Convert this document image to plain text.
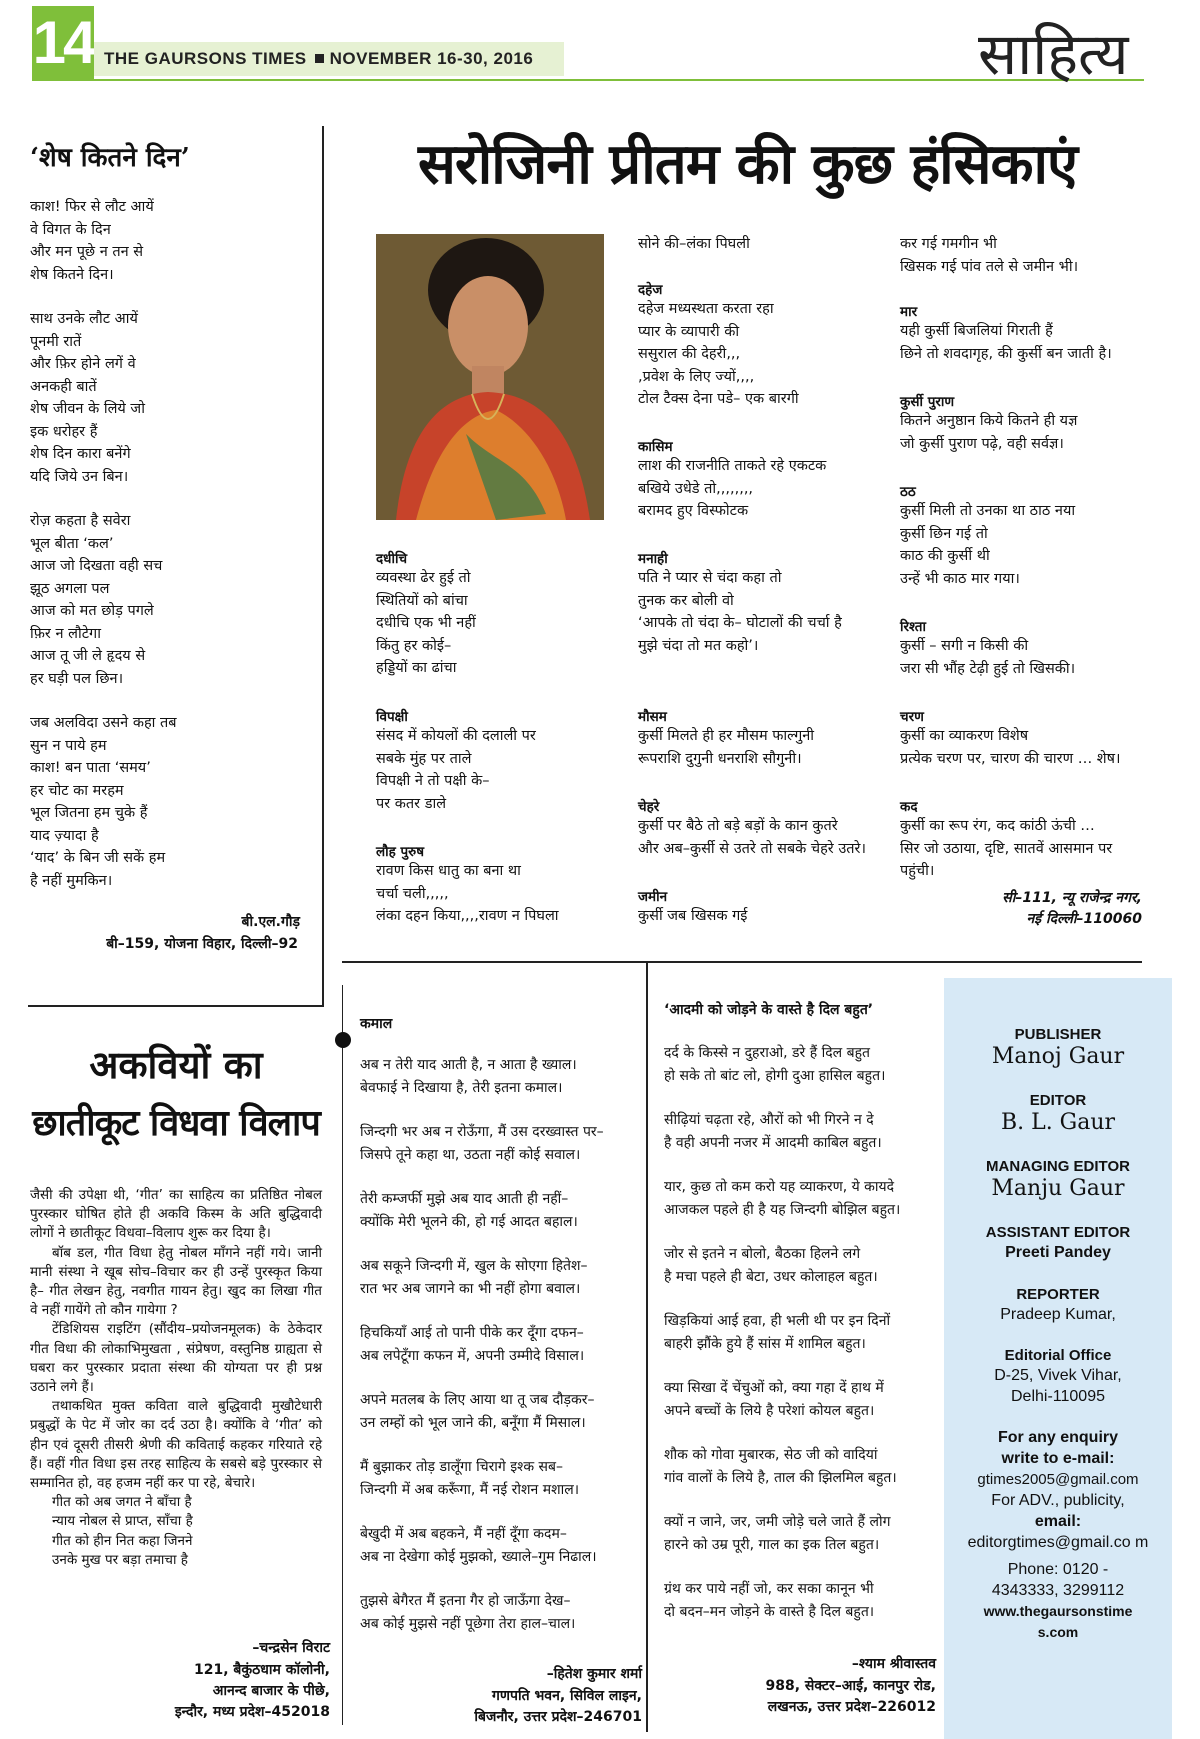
14 THE GAURSONS TIMES NOVEMBER 16-30, 2016	साहित्य
‘शेष कितने दिन’
काश! फिर से लौट आयें
वे विगत के दिन
और मन पूछे न तन से
शेष कितने दिन।
साथ उनके लौट आयें
पूनमी रातें
और फ़िर होने लगें वे
अनकही बातें
शेष जीवन के लिये जो
इक धरोहर हैं
शेष दिन कारा बनेंगे
यदि जिये उन बिन।
रोज़ कहता है सवेरा
भूल बीता ‘कल’
आज जो दिखता वही सच
झूठ अगला पल
आज को मत छोड़ पगले
फ़िर न लौटेगा
आज तू जी ले हृदय से
हर घड़ी पल छिन।
जब अलविदा उसने कहा तब
सुन न पाये हम
काश! बन पाता ‘समय’
हर चोट का मरहम
भूल जितना हम चुके हैं
याद ज़्यादा है
‘याद’ के बिन जी सकें हम
है नहीं मुमकिन।
बी.एल.गौड़
बी–159, योजना विहार, दिल्ली–92
सरोजिनी प्रीतम की कुछ हंसिकाएं
दधीचि
व्यवस्था ढेर हुई तो
स्थितियों को बांचा
दधीचि एक भी नहीं
किंतु हर कोई–
हड्डियों का ढांचा
विपक्षी
संसद में कोयलों की दलाली पर
सबके मुंह पर ताले
विपक्षी ने तो पक्षी के–
पर कतर डाले
लौह पुरुष
रावण किस धातु का बना था
चर्चा चली,,,,,
लंका दहन किया,,,,रावण न पिघला
सोने की–लंका पिघली
दहेज
दहेज मध्यस्थता करता रहा
प्यार के व्यापारी की
ससुराल की देहरी,,,
,प्रवेश के लिए ज्यों,,,,
टोल टैक्स देना पडे– एक बारगी
कासिम
लाश की राजनीति ताकते रहे एकटक
बखिये उधेडे तो,,,,,,,,
बरामद हुए विस्फोटक
मनाही
पति ने प्यार से चंदा कहा तो
तुनक कर बोली वो
‘आपके तो चंदा के– घोटालों की चर्चा है
मुझे चंदा तो मत कहो’।
मौसम
कुर्सी मिलते ही हर मौसम फाल्गुनी
रूपराशि दुगुनी धनराशि सौगुनी।
चेहरे
कुर्सी पर बैठे तो बड़े बड़ों के कान कुतरे
और अब–कुर्सी से उतरे तो सबके चेहरे उतरे।
जमीन
कुर्सी जब खिसक गई
कर गई गमगीन भी
खिसक गई पांव तले से जमीन भी।
मार
यही कुर्सी बिजलियां गिराती हैं
छिने तो शवदागृह, की कुर्सी बन जाती है।
कुर्सी पुराण
कितने अनुष्ठान किये कितने ही यज्ञ
जो कुर्सी पुराण पढ़े, वही सर्वज्ञ।
ठठ
कुर्सी मिली तो उनका था ठाठ नया
कुर्सी छिन गई तो
काठ की कुर्सी थी
उन्हें भी काठ मार गया।
रिश्ता
कुर्सी – सगी न किसी की
जरा सी भौंह टेढ़ी हुई तो खिसकी।
चरण
कुर्सी का व्याकरण विशेष
प्रत्येक चरण पर, चारण की चारण … शेष।
कद
कुर्सी का रूप रंग, कद कांठी ऊंची …
सिर जो उठाया, दृष्टि, सातवें आसमान पर
पहुंची।
सी–111, न्यू राजेन्द्र नगर,
नई दिल्ली–110060
अकवियों का
छातीकूट विधवा विलाप

जैसी की उपेक्षा थी, ‘गीत’ का साहित्य का प्रतिष्ठित नोबल पुरस्कार घोषित होते ही अकवि किस्म के अति बुद्धिवादी लोगों ने छातीकूट विधवा–विलाप शुरू कर दिया है।

बॉब डल, गीत विधा हेतु नोबल माँगने नहीं गये। जानी मानी संस्था ने खूब सोच–विचार कर ही उन्हें पुरस्कृत किया है– गीत लेखन हेतु, नवगीत गायन हेतु। खुद का लिखा गीत वे नहीं गायेंगे तो कौन गायेगा ?

टेंडिशियस राइटिंग (सौंदीय–प्रयोजनमूलक) के ठेकेदार गीत विधा की लोकाभिमुखता , संप्रेषण, वस्तुनिष्ठ ग्राह्यता से घबरा कर पुरस्कार प्रदाता संस्था की योग्यता पर ही प्रश्न उठाने लगे हैं।

तथाकथित मुक्त कविता वाले बुद्धिवादी मुखौटेधारी प्रबुद्धों के पेट में जोर का दर्द उठा है। क्योंकि वे ‘गीत’ को हीन एवं दूसरी तीसरी श्रेणी की कविताई कहकर गरियाते रहे हैं। वहीं गीत विधा इस तरह साहित्य के सबसे बड़े पुरस्कार से सम्मानित हो, वह हजम नहीं कर पा रहे, बेचारे।

गीत को अब जगत ने बाँचा है
न्याय नोबल से प्राप्त, साँचा है
गीत को हीन नित कहा जिनने
उनके मुख पर बड़ा तमाचा है

–चन्द्रसेन विराट
121, बैकुंठधाम कॉलोनी,
आनन्द बाजार के पीछे,
इन्दौर, मध्य प्रदेश–452018
कमाल
अब न तेरी याद आती है, न आता है ख्याल।
बेवफाई ने दिखाया है, तेरी इतना कमाल।
जिन्दगी भर अब न रोऊँगा, मैं उस दरख्वास्त पर–
जिसपे तूने कहा था, उठता नहीं कोई सवाल।
तेरी कम्जर्फी मुझे अब याद आती ही नहीं–
क्योंकि मेरी भूलने की, हो गई आदत बहाल।
अब सकूने जिन्दगी में, खुल के सोएगा हितेश–
रात भर अब जागने का भी नहीं होगा बवाल।
हिचकियाँ आई तो पानी पीके कर दूँगा दफन–
अब लपेटूँगा कफन में, अपनी उम्मीदे विसाल।
अपने मतलब के लिए आया था तू जब दौड़कर–
उन लम्हों को भूल जाने की, बनूँगा मैं मिसाल।
मैं बुझाकर तोड़ डालूँगा चिरागे इश्क सब–
जिन्दगी में अब करूँगा, मैं नई रोशन मशाल।
बेखुदी में अब बहकने, मैं नहीं दूँगा कदम–
अब ना देखेगा कोई मुझको, ख्याले–गुम निढाल।
तुझसे बेगैरत मैं इतना गैर हो जाऊँगा देख–
अब कोई मुझसे नहीं पूछेगा तेरा हाल–चाल।
–हितेश कुमार शर्मा
गणपति भवन, सिविल लाइन,
बिजनौर, उत्तर प्रदेश–246701
‘आदमी को जोड़ने के वास्ते है दिल बहुत’
दर्द के किस्से न दुहराओ, डरे हैं दिल बहुत
हो सके तो बांट लो, होगी दुआ हासिल बहुत।
सीढ़ियां चढ़ता रहे, औरों को भी गिरने न दे
है वही अपनी नजर में आदमी काबिल बहुत।
यार, कुछ तो कम करो यह व्याकरण, ये कायदे
आजकल पहले ही है यह जिन्दगी बोझिल बहुत।
जोर से इतने न बोलो, बैठका हिलने लगे
है मचा पहले ही बेटा, उधर कोलाहल बहुत।
खिड़कियां आई हवा, ही भली थी पर इन दिनों
बाहरी झौंके हुये हैं सांस में शामिल बहुत।
क्या सिखा दें चेंचुओं को, क्या गहा दें हाथ में
अपने बच्चों के लिये है परेशां कोयल बहुत।
शौक को गोवा मुबारक, सेठ जी को वादियां
गांव वालों के लिये है, ताल की झिलमिल बहुत।
क्यों न जाने, जर, जमी जोड़े चले जाते हैं लोग
हारने को उम्र पूरी, गाल का इक तिल बहुत।
ग्रंथ कर पाये नहीं जो, कर सका कानून भी
दो बदन–मन जोड़ने के वास्ते है दिल बहुत।
–श्याम श्रीवास्तव
988, सेक्टर–आई, कानपुर रोड,
लखनऊ, उत्तर प्रदेश–226012
PUBLISHER
Manoj Gaur
EDITOR
B. L. Gaur
MANAGING EDITOR
Manju Gaur
ASSISTANT EDITOR
Preeti Pandey
REPORTER
Pradeep Kumar,
Editorial Office
D-25, Vivek Vihar,
Delhi-110095
For any enquiry
write to e-mail:
gtimes2005@gmail.com
For ADV., publicity,
email:
editorgtimes@gmail.co m
Phone: 0120 - 4343333, 3299112
www.thegaursonstimes.com
